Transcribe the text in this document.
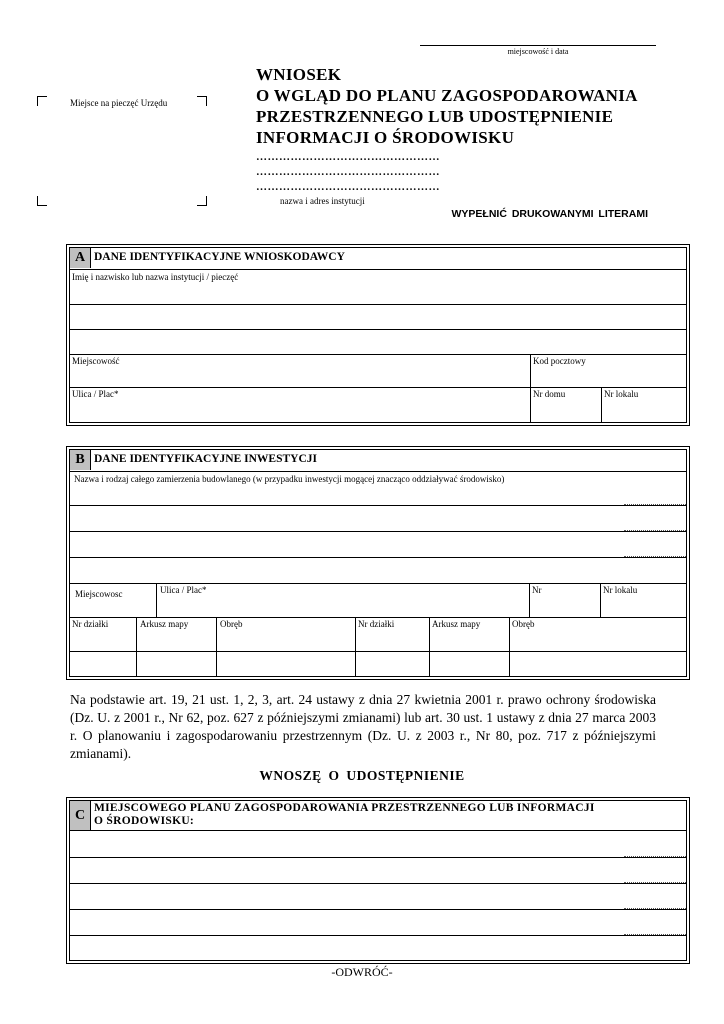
miejscowość i data
Miejsce na pieczęć Urzędu
WNIOSEK
O WGLĄD DO PLANU ZAGOSPODAROWANIA
PRZESTRZENNEGO LUB UDOSTĘPNIENIE
INFORMACJI O ŚRODOWISKU
…………………………………………
…………………………………………
…………………………………………
nazwa i adres instytucji
WYPEŁNIĆ DRUKOWANYMI LITERAMI
A DANE IDENTYFIKACYJNE WNIOSKODAWCY
Imię i nazwisko lub nazwa instytucji / pieczęć
Miejscowość	Kod pocztowy
Ulica / Plac*	Nr domu	Nr lokalu
B DANE IDENTYFIKACYJNE INWESTYCJI
Nazwa i rodzaj całego zamierzenia budowlanego (w przypadku inwestycji mogącej znacząco oddziaływać środowisko)
Miejscowosc	Ulica / Plac*	Nr	Nr lokalu
Nr działki	Arkusz mapy	Obręb	Nr działki	Arkusz mapy	Obręb
Na podstawie art. 19, 21 ust. 1, 2, 3, art. 24 ustawy z dnia 27 kwietnia 2001 r. prawo ochrony środowiska (Dz. U. z 2001 r., Nr 62, poz. 627 z późniejszymi zmianami) lub art. 30 ust. 1 ustawy z dnia 27 marca 2003 r. O planowaniu i zagospodarowaniu przestrzennym (Dz. U. z 2003 r., Nr 80, poz. 717 z późniejszymi zmianami).
WNOSZĘ O UDOSTĘPNIENIE
C MIEJSCOWEGO PLANU ZAGOSPODAROWANIA PRZESTRZENNEGO LUB INFORMACJI
O ŚRODOWISKU:
-ODWRÓĆ-
